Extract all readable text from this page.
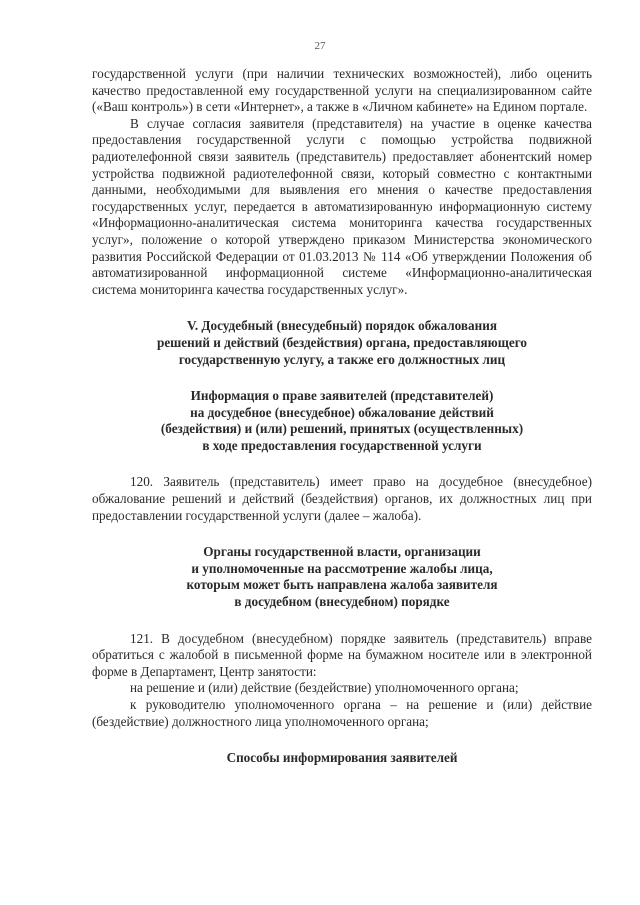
27

государственной услуги (при наличии технических возможностей), либо оценить качество предоставленной ему государственной услуги на специализированном сайте («Ваш контроль») в сети «Интернет», а также в «Личном кабинете» на Едином портале.

В случае согласия заявителя (представителя) на участие в оценке качества предоставления государственной услуги с помощью устройства подвижной радиотелефонной связи заявитель (представитель) предоставляет абонентский номер устройства подвижной радиотелефонной связи, который совместно с контактными данными, необходимыми для выявления его мнения о качестве предоставления государственных услуг, передается в автоматизированную информационную систему «Информационно-аналитическая система мониторинга качества государственных услуг», положение о которой утверждено приказом Министерства экономического развития Российской Федерации от 01.03.2013 № 114 «Об утверждении Положения об автоматизированной информационной системе «Информационно-аналитическая система мониторинга качества государственных услуг».

V. Досудебный (внесудебный) порядок обжалования

решений и действий (бездействия) органа, предоставляющего

государственную услугу, а также его должностных лиц

Информация о праве заявителей (представителей)

на досудебное (внесудебное) обжалование действий

(бездействия) и (или) решений, принятых (осуществленных)

в ходе предоставления государственной услуги

120. Заявитель (представитель) имеет право на досудебное (внесудебное) обжалование решений и действий (бездействия) органов, их должностных лиц при предоставлении государственной услуги (далее – жалоба).

Органы государственной власти, организации

и уполномоченные на рассмотрение жалобы лица,

которым может быть направлена жалоба заявителя

в досудебном (внесудебном) порядке

121. В досудебном (внесудебном) порядке заявитель (представитель) вправе обратиться с жалобой в письменной форме на бумажном носителе или в электронной форме в Департамент, Центр занятости:

на решение и (или) действие (бездействие) уполномоченного органа;

к руководителю уполномоченного органа – на решение и (или) действие (бездействие) должностного лица уполномоченного органа;

Способы информирования заявителей
